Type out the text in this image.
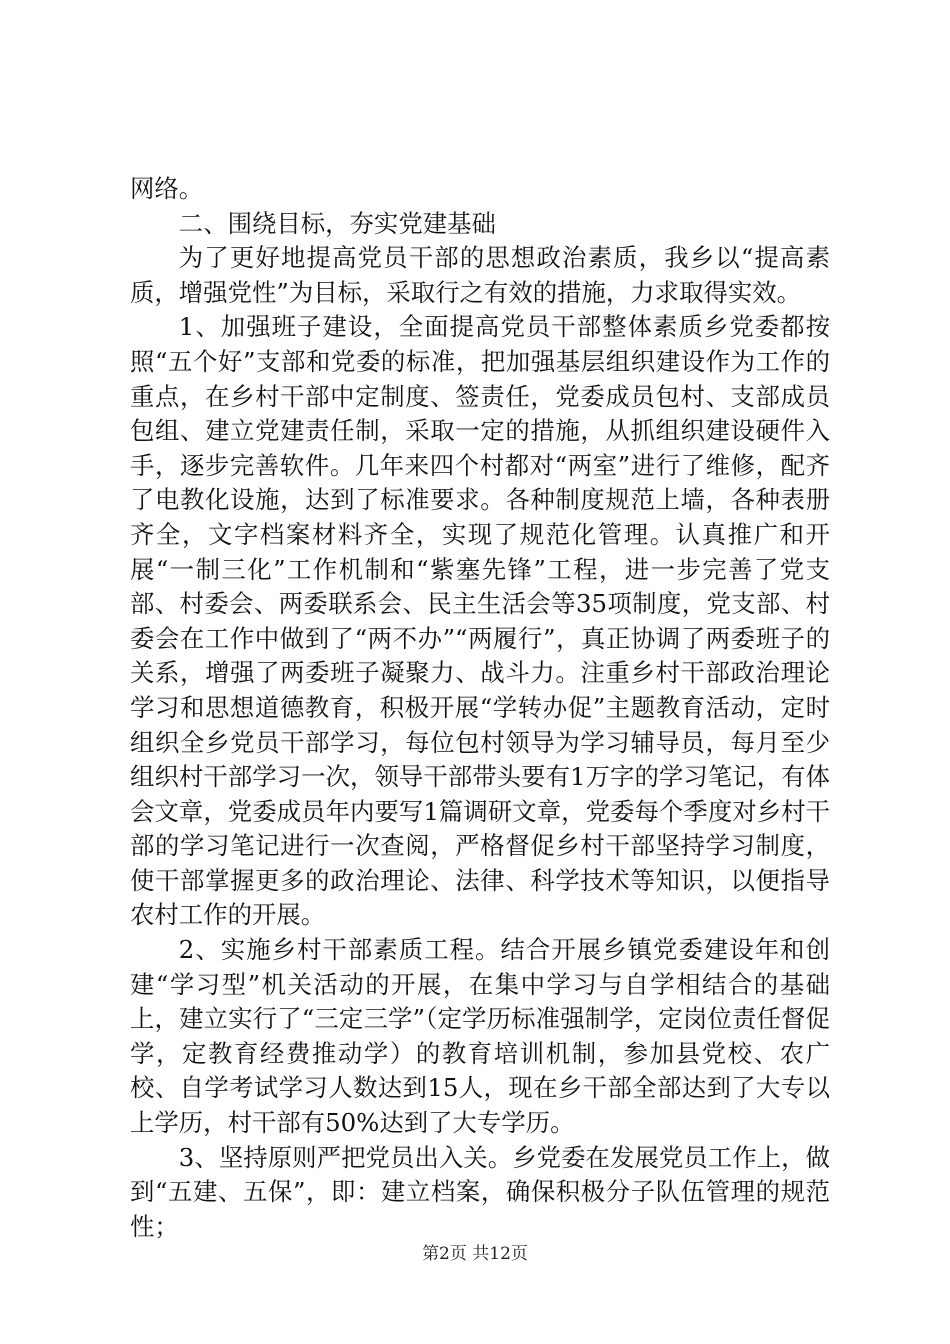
网络。

二、围绕目标，夯实党建基础

为了更好地提高党员干部的思想政治素质，我乡以“提高素质，增强党性”为目标，采取行之有效的措施，力求取得实效。

1、加强班子建设，全面提高党员干部整体素质乡党委都按照“五个好”支部和党委的标准，把加强基层组织建设作为工作的重点，在乡村干部中定制度、签责任，党委成员包村、支部成员包组、建立党建责任制，采取一定的措施，从抓组织建设硬件入手，逐步完善软件。几年来四个村都对“两室”进行了维修，配齐了电教化设施，达到了标准要求。各种制度规范上墙，各种表册齐全，文字档案材料齐全，实现了规范化管理。认真推广和开展“一制三化”工作机制和“紫塞先锋”工程，进一步完善了党支部、村委会、两委联系会、民主生活会等35项制度，党支部、村委会在工作中做到了“两不办”“两履行”，真正协调了两委班子的关系，增强了两委班子凝聚力、战斗力。注重乡村干部政治理论学习和思想道德教育，积极开展“学转办促”主题教育活动，定时组织全乡党员干部学习，每位包村领导为学习辅导员，每月至少组织村干部学习一次，领导干部带头要有1万字的学习笔记，有体会文章，党委成员年内要写1篇调研文章，党委每个季度对乡村干部的学习笔记进行一次查阅，严格督促乡村干部坚持学习制度，使干部掌握更多的政治理论、法律、科学技术等知识，以便指导农村工作的开展。

2、实施乡村干部素质工程。结合开展乡镇党委建设年和创建“学习型”机关活动的开展，在集中学习与自学相结合的基础上，建立实行了“三定三学”（定学历标准强制学，定岗位责任督促学，定教育经费推动学）的教育培训机制，参加县党校、农广校、自学考试学习人数达到15人，现在乡干部全部达到了大专以上学历，村干部有50%达到了大专学历。

3、坚持原则严把党员出入关。乡党委在发展党员工作上，做到“五建、五保”，即：建立档案，确保积极分子队伍管理的规范性；

第2页 共12页
